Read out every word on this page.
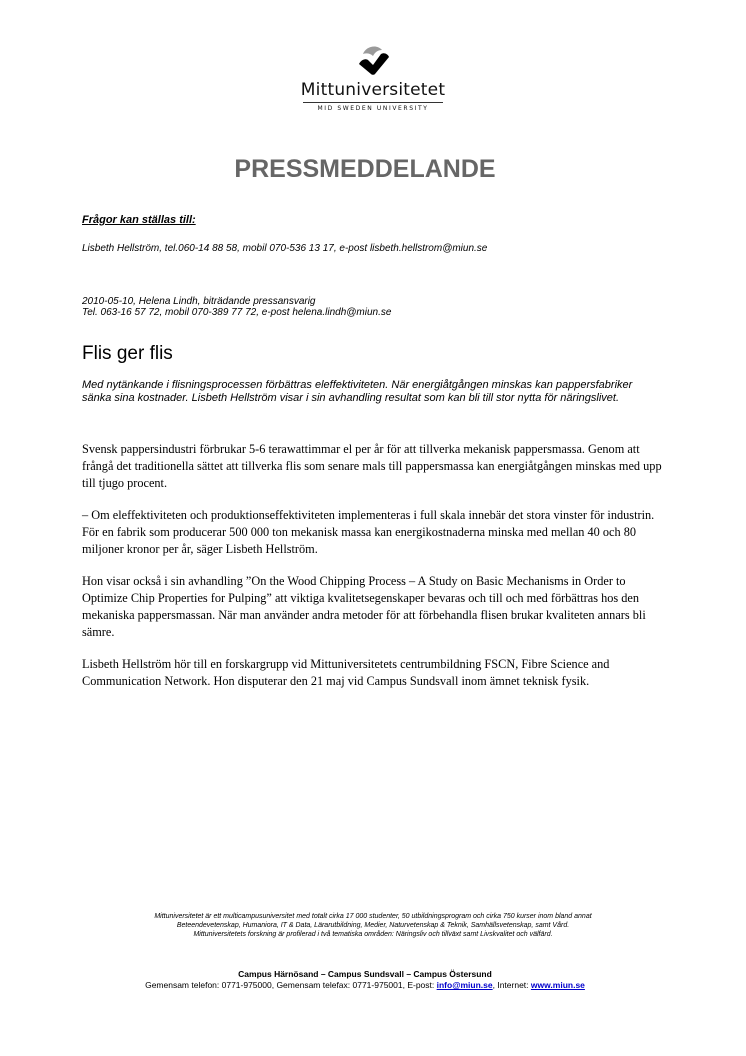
Mittuniversitetet
MID SWEDEN UNIVERSITY
PRESSMEDDELANDE
Frågor kan ställas till:
Lisbeth Hellström, tel.060-14 88 58, mobil 070-536 13 17, e-post lisbeth.hellstrom@miun.se
2010-05-10, Helena Lindh, biträdande pressansvarig
Tel. 063-16 57 72, mobil 070-389 77 72, e-post helena.lindh@miun.se
Flis ger flis
Med nytänkande i flisningsprocessen förbättras eleffektiviteten. När energiåtgången minskas kan pappersfabriker sänka sina kostnader. Lisbeth Hellström visar i sin avhandling resultat som kan bli till stor nytta för näringslivet.

Svensk pappersindustri förbrukar 5-6 terawattimmar el per år för att tillverka mekanisk pappersmassa. Genom att frångå det traditionella sättet att tillverka flis som senare mals till pappersmassa kan energiåtgången minskas med upp till tjugo procent.

– Om eleffektiviteten och produktionseffektiviteten implementeras i full skala innebär det stora vinster för industrin. För en fabrik som producerar 500 000 ton mekanisk massa kan energikostnaderna minska med mellan 40 och 80 miljoner kronor per år, säger Lisbeth Hellström.

Hon visar också i sin avhandling ”On the Wood Chipping Process – A Study on Basic Mechanisms in Order to Optimize Chip Properties for Pulping” att viktiga kvalitetsegenskaper bevaras och till och med förbättras hos den mekaniska pappersmassan. När man använder andra metoder för att förbehandla flisen brukar kvaliteten annars bli sämre.

Lisbeth Hellström hör till en forskargrupp vid Mittuniversitetets centrumbildning FSCN, Fibre Science and Communication Network. Hon disputerar den 21 maj vid Campus Sundsvall inom ämnet teknisk fysik.

Mittuniversitetet är ett multicampusuniversitet med totalt cirka 17 000 studenter, 50 utbildningsprogram och cirka 750 kurser inom bland annat
Beteendevetenskap, Humaniora, IT & Data, Lärarutbildning, Medier, Naturvetenskap & Teknik, Samhällsvetenskap, samt Vård.
Mittuniversitetets forskning är profilerad i två tematiska områden: Näringsliv och tillväxt samt Livskvalitet och välfärd.
Campus Härnösand – Campus Sundsvall – Campus Östersund
Gemensam telefon: 0771-975000, Gemensam telefax: 0771-975001, E-post: info@miun.se, Internet: www.miun.se
